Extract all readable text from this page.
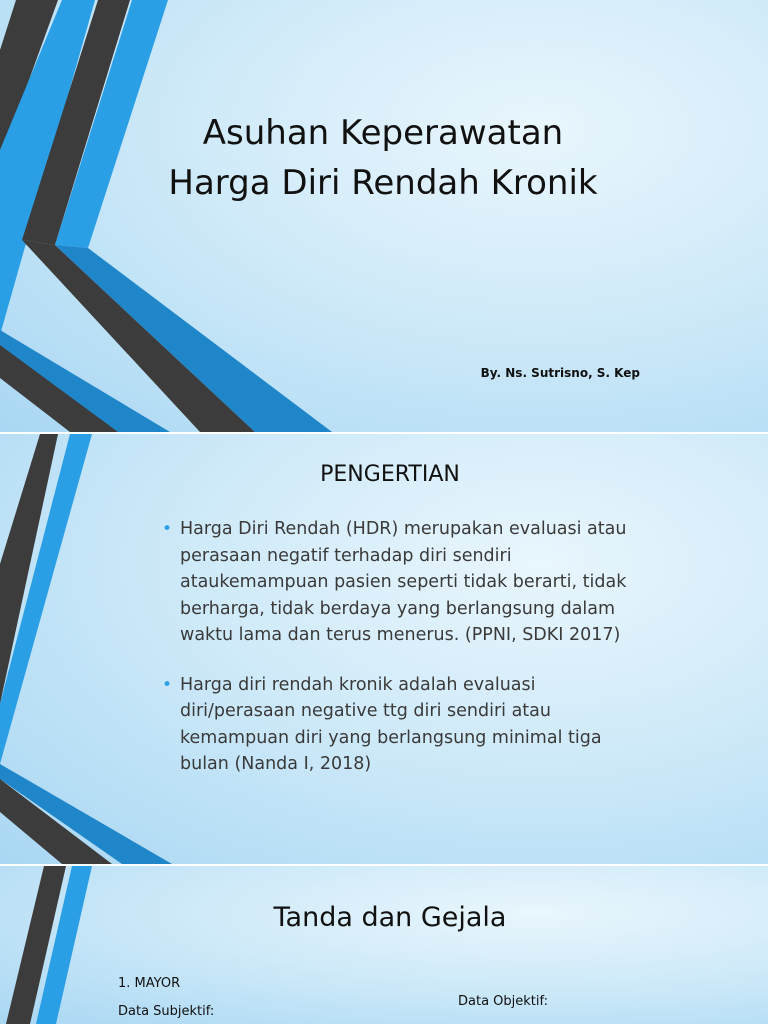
Asuhan Keperawatan
Harga Diri Rendah Kronik
By. Ns. Sutrisno, S. Kep
PENGERTIAN
• Harga Diri Rendah (HDR) merupakan evaluasi atau perasaan negatif terhadap diri sendiri ataukemampuan pasien seperti tidak berarti, tidak berharga, tidak berdaya yang berlangsung dalam waktu lama dan terus menerus. (PPNI, SDKI 2017)
• Harga diri rendah kronik adalah evaluasi diri/perasaan negative ttg diri sendiri atau kemampuan diri yang berlangsung minimal tiga bulan (Nanda I, 2018)
Tanda dan Gejala
1. MAYOR
Data Subjektif:
Data Objektif:
